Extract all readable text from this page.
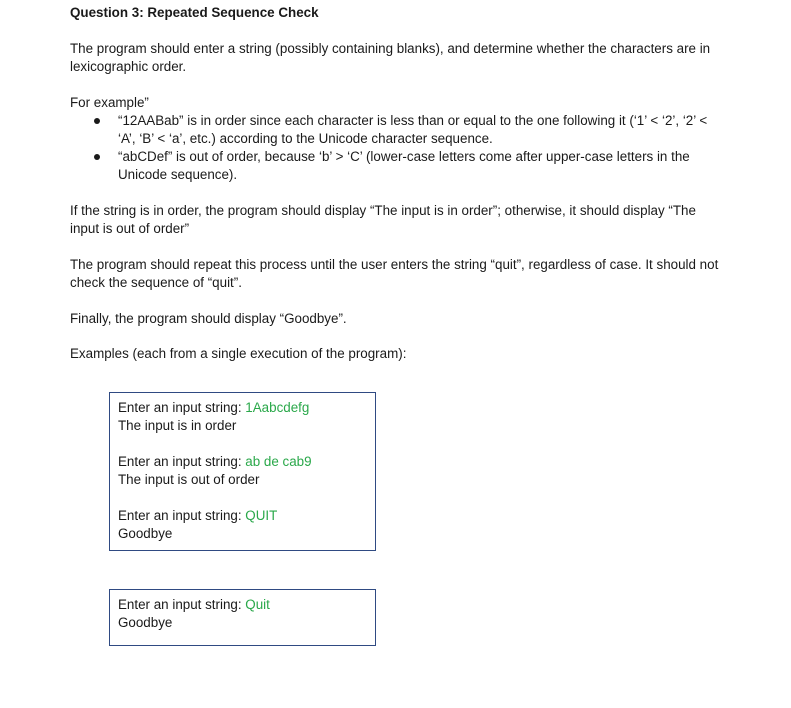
Question 3: Repeated Sequence Check
The program should enter a string (possibly containing blanks), and determine whether the characters are in lexicographic order.
For example”
“12AABab” is in order since each character is less than or equal to the one following it (‘1’ < ‘2’, ‘2’ < ‘A’, ‘B’ < ‘a’, etc.) according to the Unicode character sequence.
“abCDef” is out of order, because ‘b’ > ‘C’ (lower-case letters come after upper-case letters in the Unicode sequence).
If the string is in order, the program should display “The input is in order”; otherwise, it should display “The input is out of order”
The program should repeat this process until the user enters the string “quit”, regardless of case. It should not check the sequence of “quit”.
Finally, the program should display “Goodbye”.
Examples (each from a single execution of the program):
Enter an input string: 1Aabcdefg
The input is in order
Enter an input string: ab de cab9
The input is out of order
Enter an input string: QUIT
Goodbye
Enter an input string: Quit
Goodbye
